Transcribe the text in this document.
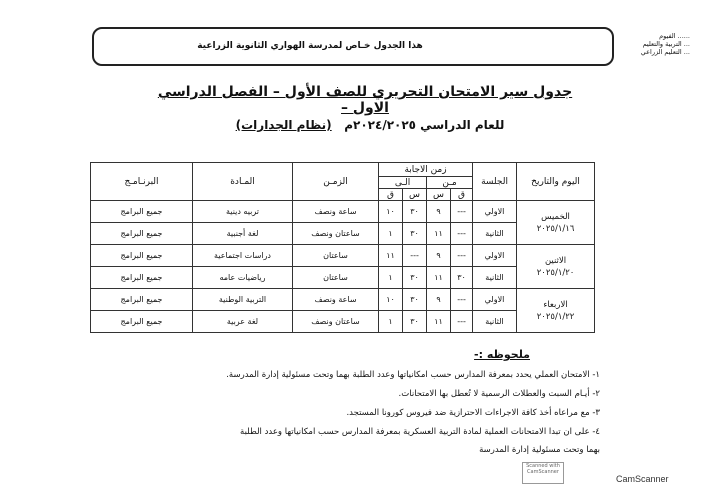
هذا الجدول خـاص لمدرسة الهواري الثانوية الزراعية
...... الفيوم
... التربية والتعليم
... التعليم الزراعي
جدول سير الامتحان التحريري للصف الأول – الفصل الدراسي الاول –
للعام الدراسي ٢٠٢٤/٢٠٢٥م   (نظام الجدارات)
اليوم والتاريخ	الجلسة	زمن الاجابة				الزمـن	المـادة	البرنـامـج
		مـن		الـى				
		ق	س	س	ق			

الخميس
٢٠٢٥/١/١٦	الاولي	---	٩	٣٠	١٠	ساعة ونصف	تربيه دينية	جميع البرامج
	الثانية	---	١١	٣٠	١	ساعتان ونصف	لغة أجنبية	جميع البرامج

الاثنين
٢٠٢٥/١/٢٠	الاولي	---	٩	---	١١	ساعتان	دراسات اجتماعية	جميع البرامج
	الثانية	٣٠	١١	٣٠	١	ساعتان	رياضيات عامه	جميع البرامج

الاربعاء
٢٠٢٥/١/٢٢	الاولي	---	٩	٣٠	١٠	ساعة ونصف	التربية الوطنية	جميع البرامج
	الثانية	---	١١	٣٠	١	ساعتان ونصف	لغة عربية	جميع البرامج
ملحوظه :-
١- الامتحان العملي يحدد بمعرفة المدارس حسب امكانياتها وعدد الطلبة بهما وتحت مسئولية إدارة المدرسة.
٢- أيـام السبت والعطلات الرسمية لا تُعطل بها الامتحانات.
٣- مع مراعاه أخذ كافة الاجراءات الاحترازية ضد فيروس كورونا المستجد.
٤- على ان تبدا الامتحانات العملية لمادة التربية العسكرية بمعرفة المدارس حسب امكانياتها وعدد الطلبة
بهما وتحت مسئولية إدارة المدرسة
Scanned with CamScanner
CamScanner
